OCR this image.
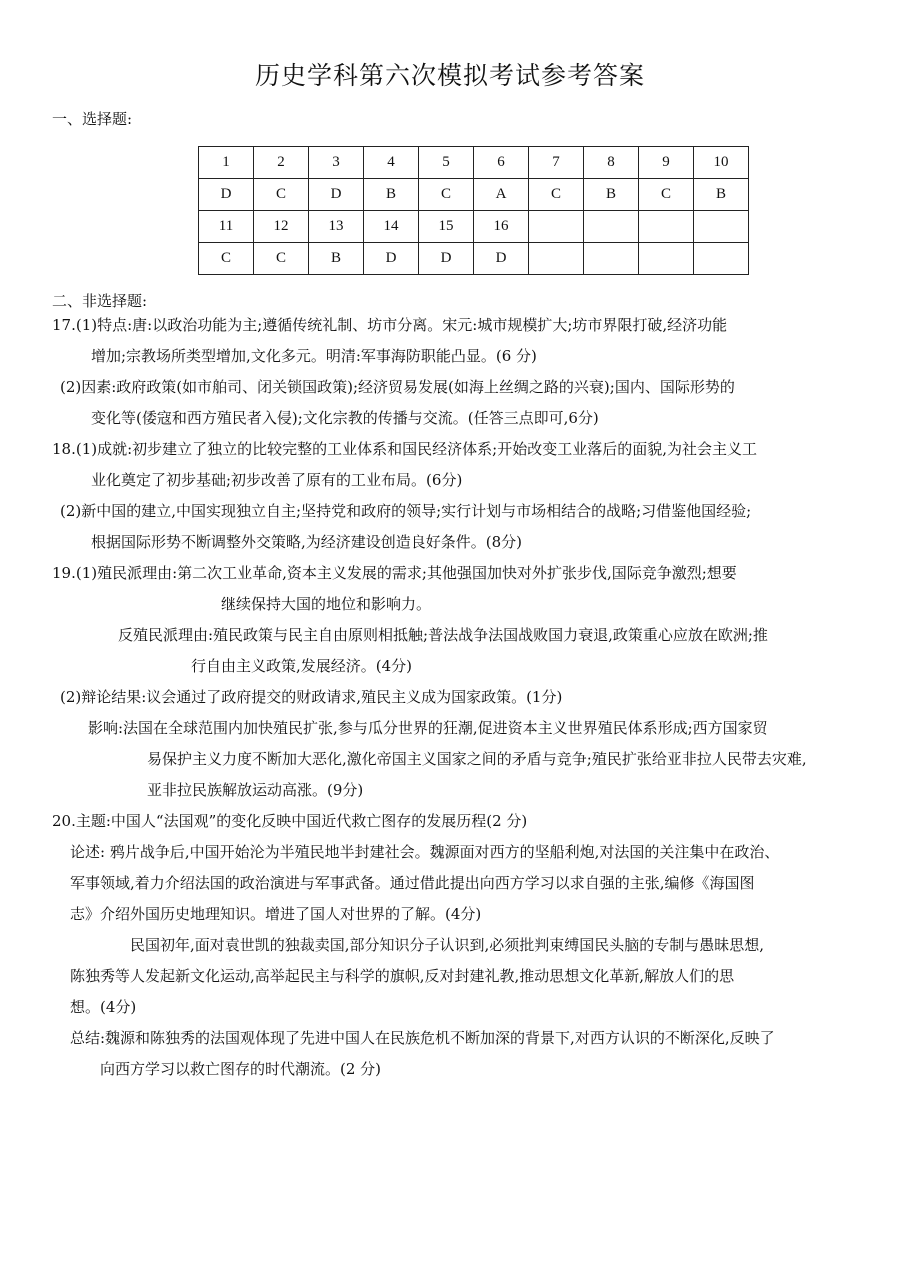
历史学科第六次模拟考试参考答案
一、选择题:
1	2	3	4	5	6	7	8	9	10
D	C	D	B	C	A	C	B	C	B
11	12	13	14	15	16				
C	C	B	D	D	D				
二、非选择题:
17.(1)特点:唐:以政治功能为主;遵循传统礼制、坊市分离。宋元:城市规模扩大;坊市界限打破,经济功能
增加;宗教场所类型增加,文化多元。明清:军事海防职能凸显。(6 分)
(2)因素:政府政策(如市舶司、闭关锁国政策);经济贸易发展(如海上丝绸之路的兴衰);国内、国际形势的
变化等(倭寇和西方殖民者入侵);文化宗教的传播与交流。(任答三点即可,6分)
18.(1)成就:初步建立了独立的比较完整的工业体系和国民经济体系;开始改变工业落后的面貌,为社会主义工
业化奠定了初步基础;初步改善了原有的工业布局。(6分)
(2)新中国的建立,中国实现独立自主;坚持党和政府的领导;实行计划与市场相结合的战略;习借鉴他国经验;
根据国际形势不断调整外交策略,为经济建设创造良好条件。(8分)
19.(1)殖民派理由:第二次工业革命,资本主义发展的需求;其他强国加快对外扩张步伐,国际竞争激烈;想要
继续保持大国的地位和影响力。
反殖民派理由:殖民政策与民主自由原则相抵触;普法战争法国战败国力衰退,政策重心应放在欧洲;推
行自由主义政策,发展经济。(4分)
(2)辩论结果:议会通过了政府提交的财政请求,殖民主义成为国家政策。(1分)
影响:法国在全球范围内加快殖民扩张,参与瓜分世界的狂潮,促进资本主义世界殖民体系形成;西方国家贸
易保护主义力度不断加大恶化,激化帝国主义国家之间的矛盾与竞争;殖民扩张给亚非拉人民带去灾难,
亚非拉民族解放运动高涨。(9分)
20.主题:中国人“法国观”的变化反映中国近代救亡图存的发展历程(2 分)
论述: 鸦片战争后,中国开始沦为半殖民地半封建社会。魏源面对西方的坚船利炮,对法国的关注集中在政治、
军事领域,着力介绍法国的政治演进与军事武备。通过借此提出向西方学习以求自强的主张,编修《海国图
志》介绍外国历史地理知识。增进了国人对世界的了解。(4分)
民国初年,面对袁世凯的独裁卖国,部分知识分子认识到,必须批判束缚国民头脑的专制与愚昧思想,
陈独秀等人发起新文化运动,高举起民主与科学的旗帜,反对封建礼教,推动思想文化革新,解放人们的思
想。(4分)
总结:魏源和陈独秀的法国观体现了先进中国人在民族危机不断加深的背景下,对西方认识的不断深化,反映了
向西方学习以救亡图存的时代潮流。(2 分)
